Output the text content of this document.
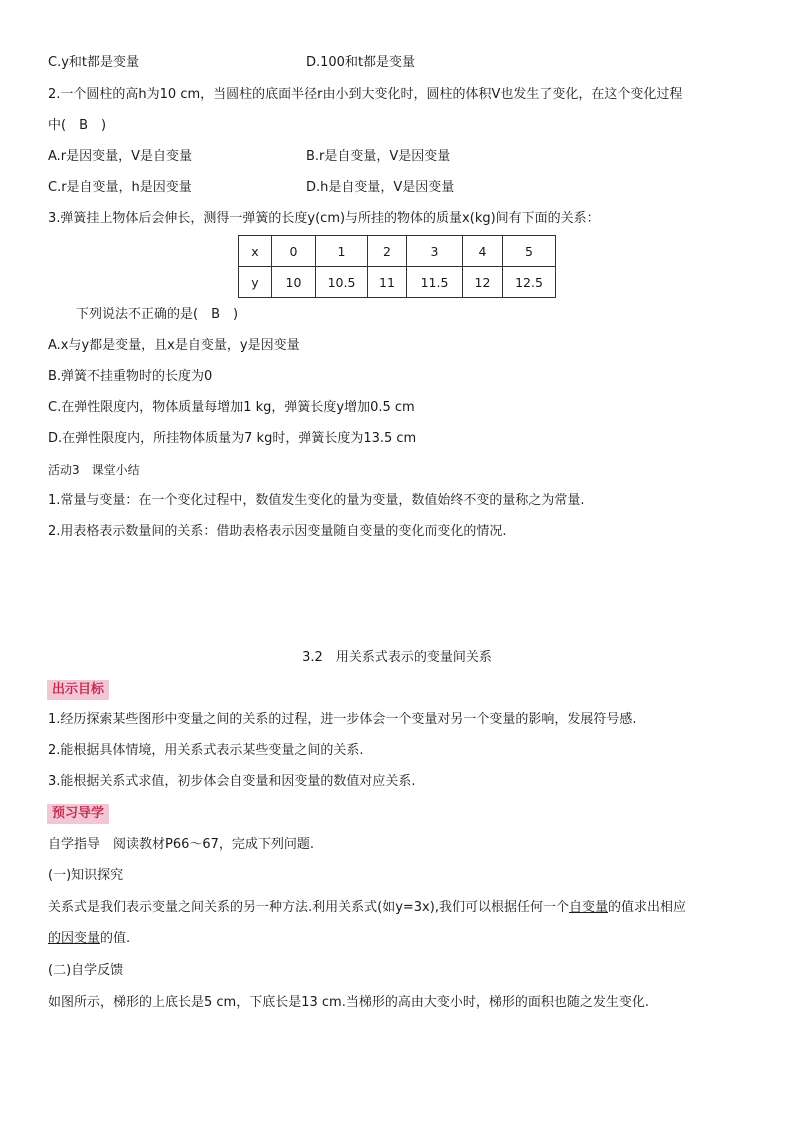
C.y和t都是变量	D.100和t都是变量
2.一个圆柱的高h为10 cm，当圆柱的底面半径r由小到大变化时，圆柱的体积V也发生了变化，在这个变化过程
中(　B　)
A.r是因变量，V是自变量	B.r是自变量，V是因变量
C.r是自变量，h是因变量	D.h是自变量，V是因变量
3.弹簧挂上物体后会伸长，测得一弹簧的长度y(cm)与所挂的物体的质量x(kg)间有下面的关系：
x	0	1	2	3	4	5
y	10	10.5	11	11.5	12	12.5
下列说法不正确的是(　B　)
A.x与y都是变量，且x是自变量，y是因变量
B.弹簧不挂重物时的长度为0
C.在弹性限度内，物体质量每增加1 kg，弹簧长度y增加0.5 cm
D.在弹性限度内，所挂物体质量为7 kg时，弹簧长度为13.5 cm
活动3　课堂小结
1.常量与变量：在一个变化过程中，数值发生变化的量为变量，数值始终不变的量称之为常量.
2.用表格表示数量间的关系：借助表格表示因变量随自变量的变化而变化的情况.
3.2　用关系式表示的变量间关系
出示目标
1.经历探索某些图形中变量之间的关系的过程，进一步体会一个变量对另一个变量的影响，发展符号感.
2.能根据具体情境，用关系式表示某些变量之间的关系.
3.能根据关系式求值，初步体会自变量和因变量的数值对应关系.
预习导学
自学指导　阅读教材P66～67，完成下列问题.
(一)知识探究
关系式是我们表示变量之间关系的另一种方法.利用关系式(如y=3x),我们可以根据任何一个自变量的值求出相应
的因变量的值.
(二)自学反馈
如图所示，梯形的上底长是5 cm，下底长是13 cm.当梯形的高由大变小时，梯形的面积也随之发生变化.
